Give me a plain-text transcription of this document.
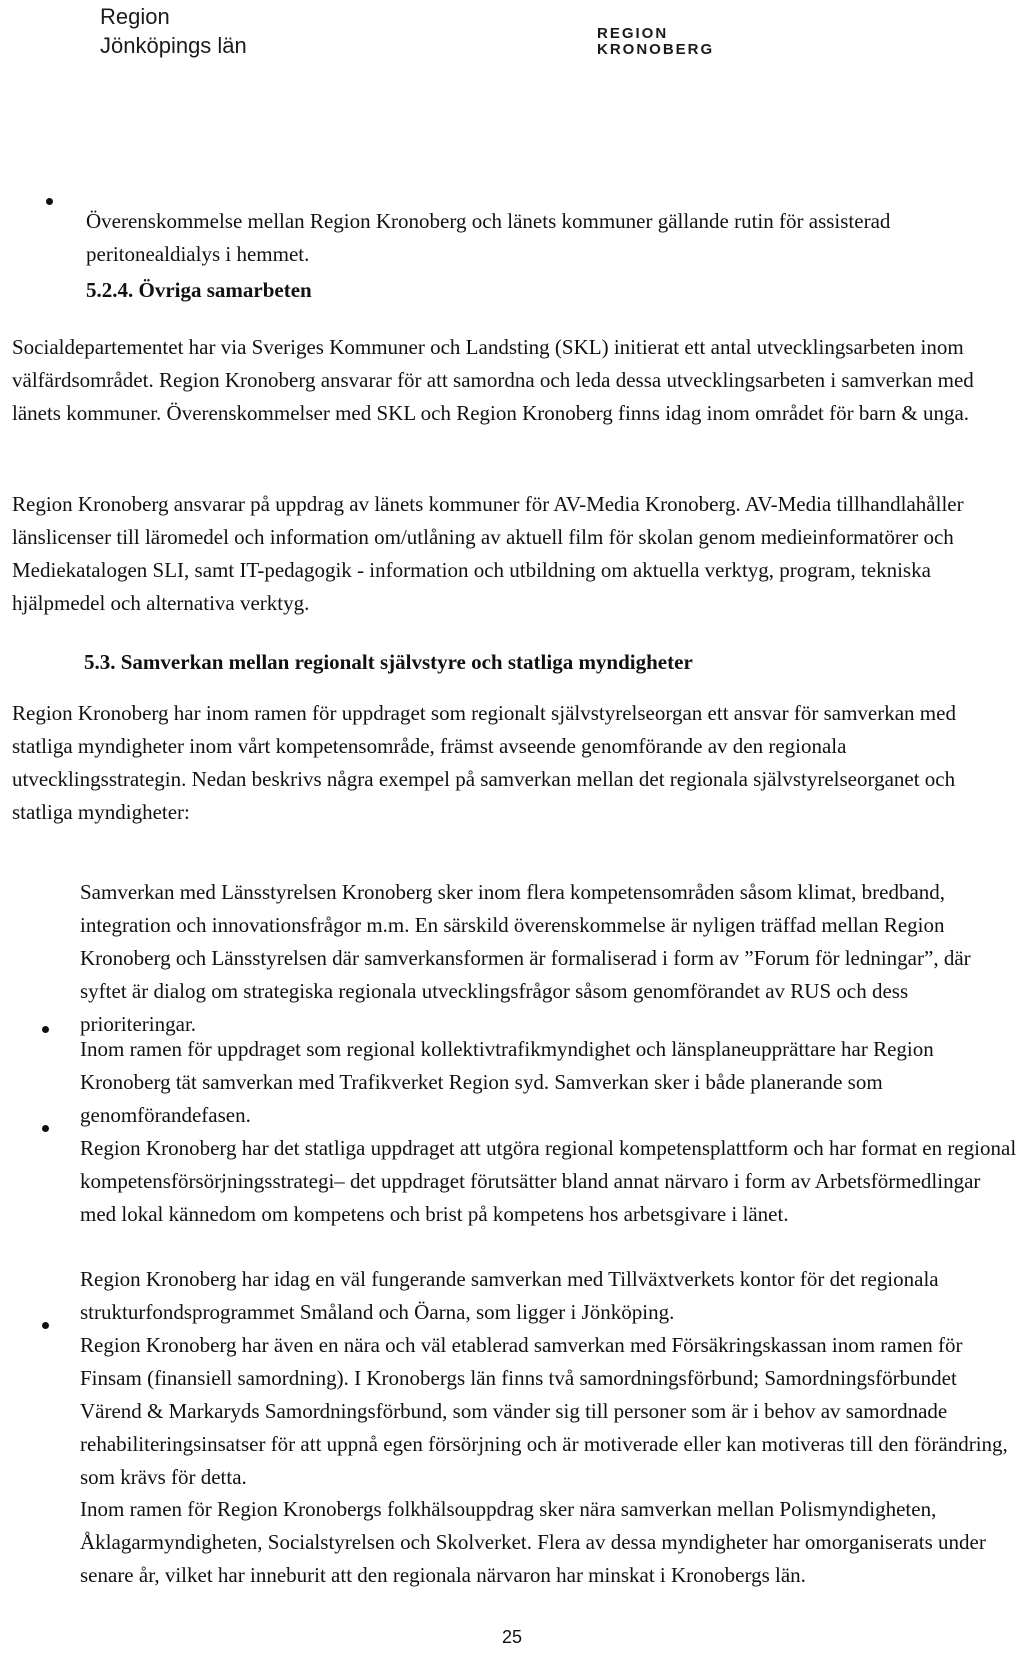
Region
Jönköpings län	REGION
KRONOBERG

Överenskommelse mellan Region Kronoberg och länets kommuner gällande rutin för assisterad peritonealdialys i hemmet.

5.2.4. Övriga samarbeten

Socialdepartementet har via Sveriges Kommuner och Landsting (SKL) initierat ett antal utvecklingsarbeten inom välfärdsområdet. Region Kronoberg ansvarar för att samordna och leda dessa utvecklingsarbeten i samverkan med länets kommuner. Överenskommelser med SKL och Region Kronoberg finns idag inom området för barn & unga.

Region Kronoberg ansvarar på uppdrag av länets kommuner för AV-Media Kronoberg. AV-Media tillhandlahåller länslicenser till läromedel och information om/utlåning av aktuell film för skolan genom medieinformatörer och Mediekatalogen SLI, samt IT-pedagogik - information och utbildning om aktuella verktyg, program, tekniska hjälpmedel och alternativa verktyg.

5.3. Samverkan mellan regionalt självstyre och statliga myndigheter

Region Kronoberg har inom ramen för uppdraget som regionalt självstyrelseorgan ett ansvar för samverkan med statliga myndigheter inom vårt kompetensområde, främst avseende genomförande av den regionala utvecklingsstrategin. Nedan beskrivs några exempel på samverkan mellan det regionala självstyrelseorganet och statliga myndigheter:

Samverkan med Länsstyrelsen Kronoberg sker inom flera kompetensområden såsom klimat, bredband, integration och innovationsfrågor m.m. En särskild överenskommelse är nyligen träffad mellan Region Kronoberg och Länsstyrelsen där samverkansformen är formaliserad i form av ”Forum för ledningar”, där syftet är dialog om strategiska regionala utvecklingsfrågor såsom genomförandet av RUS och dess prioriteringar.

Inom ramen för uppdraget som regional kollektivtrafikmyndighet och länsplaneupprättare har Region Kronoberg tät samverkan med Trafikverket Region syd. Samverkan sker i både planerande som genomförandefasen.

Region Kronoberg har det statliga uppdraget att utgöra regional kompetensplattform och har format en regional kompetensförsörjningsstrategi– det uppdraget förutsätter bland annat närvaro i form av Arbetsförmedlingar med lokal kännedom om kompetens och brist på kompetens hos arbetsgivare i länet.

Region Kronoberg har idag en väl fungerande samverkan med Tillväxtverkets kontor för det regionala strukturfondsprogrammet Småland och Öarna, som ligger i Jönköping.

Region Kronoberg har även en nära och väl etablerad samverkan med Försäkringskassan inom ramen för Finsam (finansiell samordning). I Kronobergs län finns två samordningsförbund; Samordningsförbundet Värend & Markaryds Samordningsförbund, som vänder sig till personer som är i behov av samordnade rehabiliteringsinsatser för att uppnå egen försörjning och är motiverade eller kan motiveras till den förändring, som krävs för detta.

Inom ramen för Region Kronobergs folkhälsouppdrag sker nära samverkan mellan Polismyndigheten, Åklagarmyndigheten, Socialstyrelsen och Skolverket. Flera av dessa myndigheter har omorganiserats under senare år, vilket har inneburit att den regionala närvaron har minskat i Kronobergs län.

25
